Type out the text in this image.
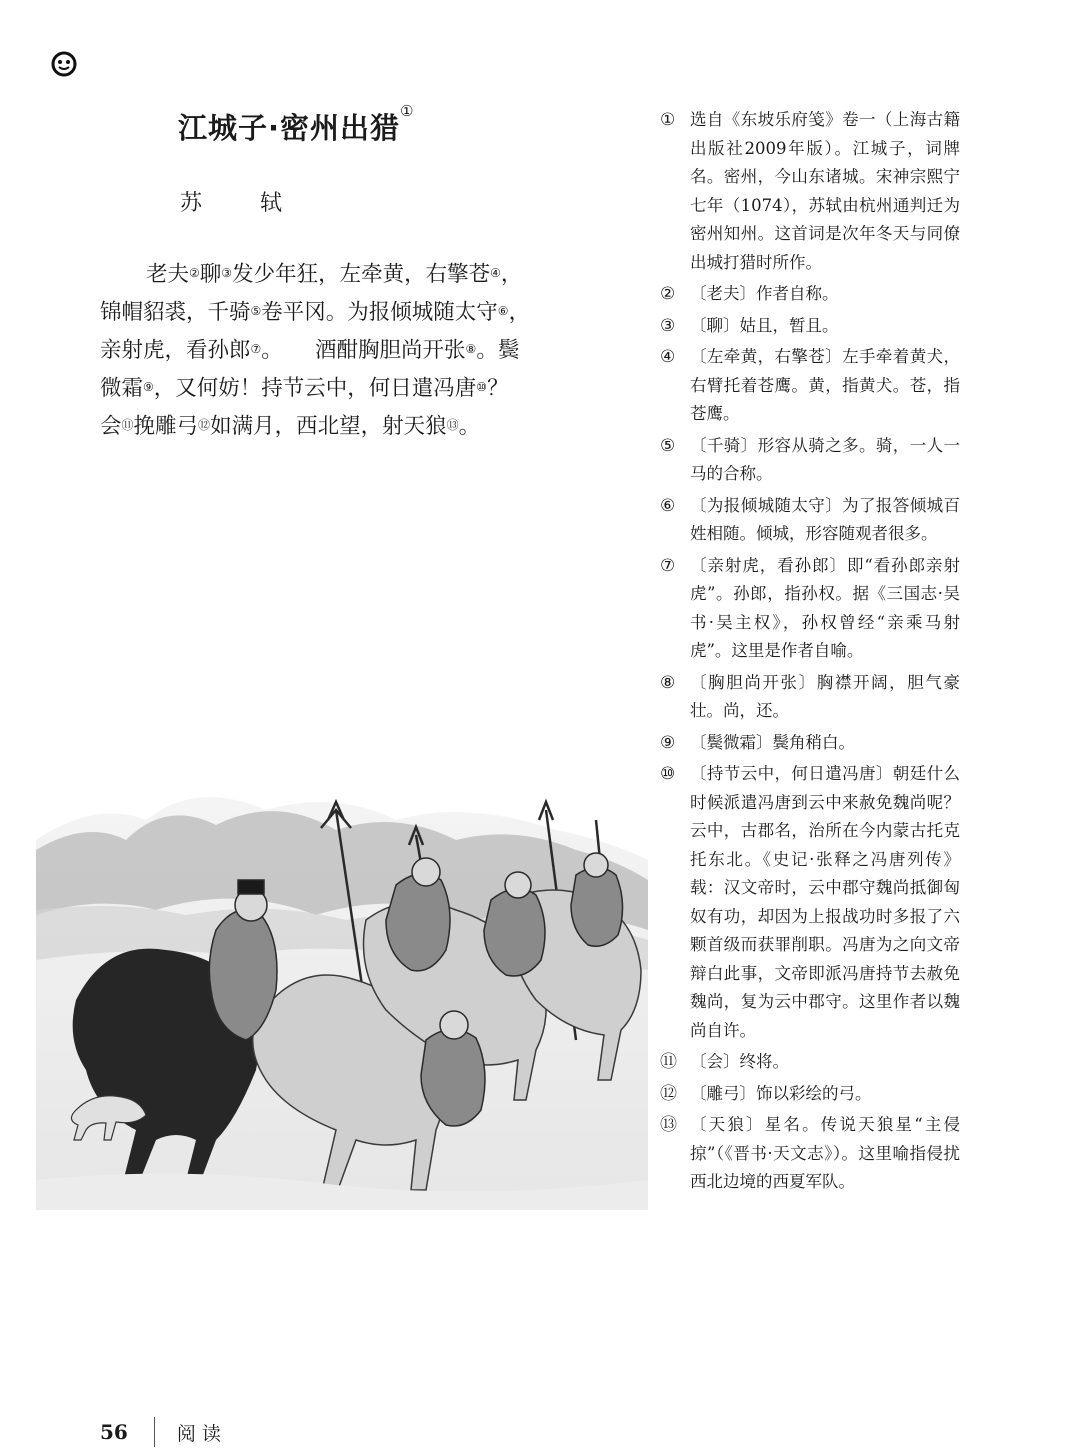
江城子·密州出猎①
苏　轼

老夫②聊③发少年狂，左牵黄，右擎苍④，

锦帽貂裘，千骑⑤卷平冈。为报倾城随太守⑥，

亲射虎，看孙郎⑦。　　酒酣胸胆尚开张⑧。鬓

微霜⑨，又何妨！持节云中，何日遣冯唐⑩？

会⑪挽雕弓⑫如满月，西北望，射天狼⑬。

① 选自《东坡乐府笺》卷一（上海古籍出版社2009年版）。江城子，词牌名。密州，今山东诸城。宋神宗熙宁七年（1074），苏轼由杭州通判迁为密州知州。这首词是次年冬天与同僚出城打猎时所作。
② 〔老夫〕作者自称。
③ 〔聊〕姑且，暂且。
④ 〔左牵黄，右擎苍〕左手牵着黄犬，右臂托着苍鹰。黄，指黄犬。苍，指苍鹰。
⑤ 〔千骑〕形容从骑之多。骑，一人一马的合称。
⑥ 〔为报倾城随太守〕为了报答倾城百姓相随。倾城，形容随观者很多。
⑦ 〔亲射虎，看孙郎〕即“看孙郎亲射虎”。孙郎，指孙权。据《三国志·吴书·吴主权》，孙权曾经“亲乘马射虎”。这里是作者自喻。
⑧ 〔胸胆尚开张〕胸襟开阔，胆气豪壮。尚，还。
⑨ 〔鬓微霜〕鬓角稍白。
⑩ 〔持节云中，何日遣冯唐〕朝廷什么时候派遣冯唐到云中来赦免魏尚呢？云中，古郡名，治所在今内蒙古托克托东北。《史记·张释之冯唐列传》载：汉文帝时，云中郡守魏尚抵御匈奴有功，却因为上报战功时多报了六颗首级而获罪削职。冯唐为之向文帝辩白此事，文帝即派冯唐持节去赦免魏尚，复为云中郡守。这里作者以魏尚自许。
⑪ 〔会〕终将。
⑫ 〔雕弓〕饰以彩绘的弓。
⑬ 〔天狼〕星名。传说天狼星“主侵掠”（《晋书·天文志》）。这里喻指侵扰西北边境的西夏军队。
56	阅读
